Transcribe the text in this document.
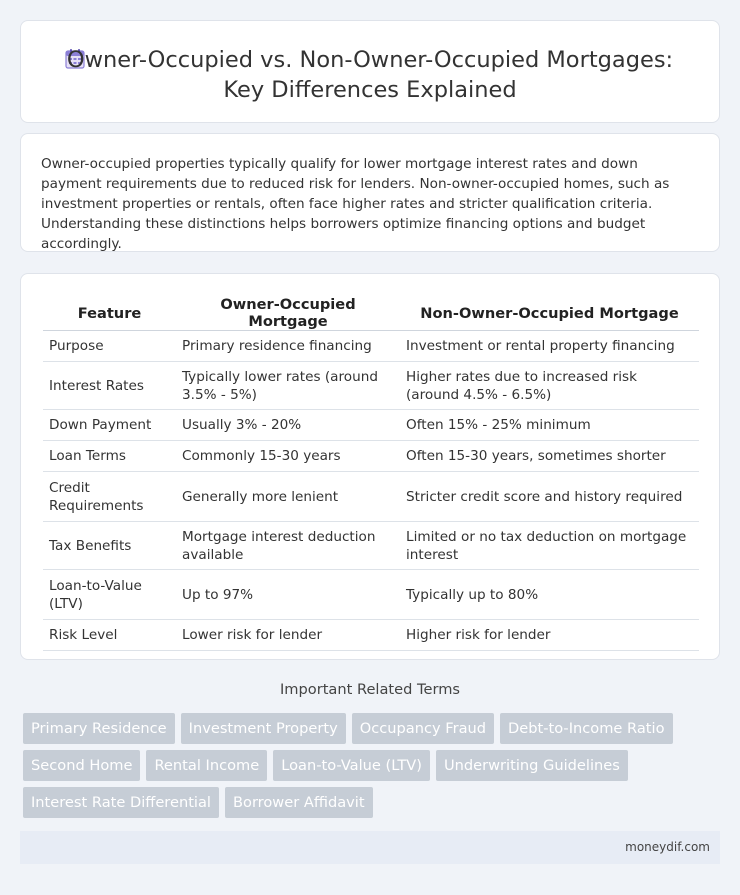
Owner-Occupied vs. Non-Owner-Occupied Mortgages:
Key Differences Explained

Owner-occupied properties typically qualify for lower mortgage interest rates and down payment requirements due to reduced risk for lenders. Non-owner-occupied homes, such as investment properties or rentals, often face higher rates and stricter qualification criteria. Understanding these distinctions helps borrowers optimize financing options and budget accordingly.

Feature	Owner-Occupied Mortgage	Non-Owner-Occupied Mortgage
Purpose	Primary residence financing	Investment or rental property financing
Interest Rates	Typically lower rates (around 3.5% - 5%)	Higher rates due to increased risk (around 4.5% - 6.5%)
Down Payment	Usually 3% - 20%	Often 15% - 25% minimum
Loan Terms	Commonly 15-30 years	Often 15-30 years, sometimes shorter
Credit Requirements	Generally more lenient	Stricter credit score and history required
Tax Benefits	Mortgage interest deduction available	Limited or no tax deduction on mortgage interest
Loan-to-Value (LTV)	Up to 97%	Typically up to 80%
Risk Level	Lower risk for lender	Higher risk for lender
Important Related Terms
Primary Residence	Investment Property	Occupancy Fraud	Debt-to-Income Ratio
Second Home	Rental Income	Loan-to-Value (LTV)	Underwriting Guidelines
Interest Rate Differential	Borrower Affidavit
moneydif.com
